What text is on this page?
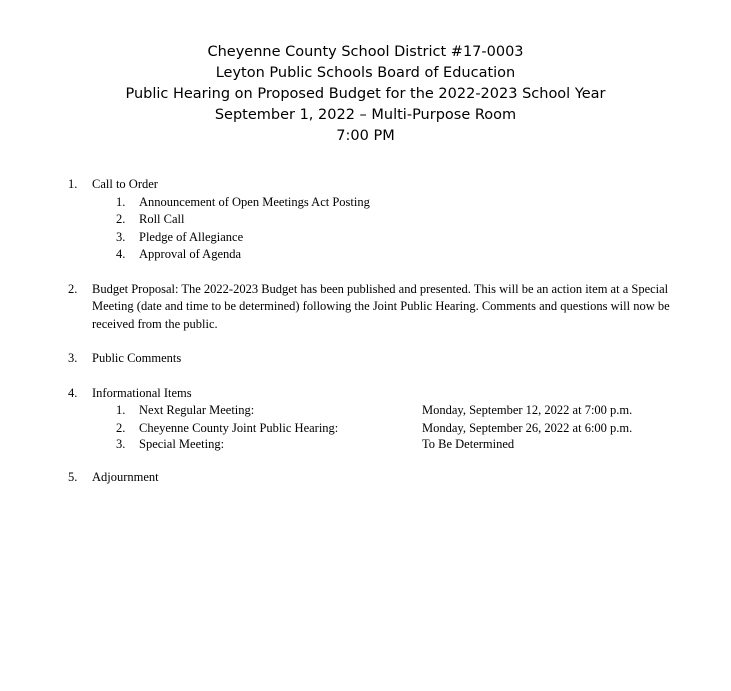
Cheyenne County School District #17-0003
Leyton Public Schools Board of Education
Public Hearing on Proposed Budget for the 2022-2023 School Year
September 1, 2022 – Multi-Purpose Room
7:00 PM
1.	Call to Order
1.	Announcement of Open Meetings Act Posting
2.	Roll Call
3.	Pledge of Allegiance
4.	Approval of Agenda
2.	Budget Proposal: The 2022-2023 Budget has been published and presented. This will be an action item at a Special Meeting (date and time to be determined) following the Joint Public Hearing. Comments and questions will now be received from the public.
3.	Public Comments
4.	Informational Items
1.	Next Regular Meeting:	Monday, September 12, 2022 at 7:00 p.m.
2.	Cheyenne County Joint Public Hearing:	Monday, September 26, 2022 at 6:00 p.m.
3.	Special Meeting:	To Be Determined
5.	Adjournment
